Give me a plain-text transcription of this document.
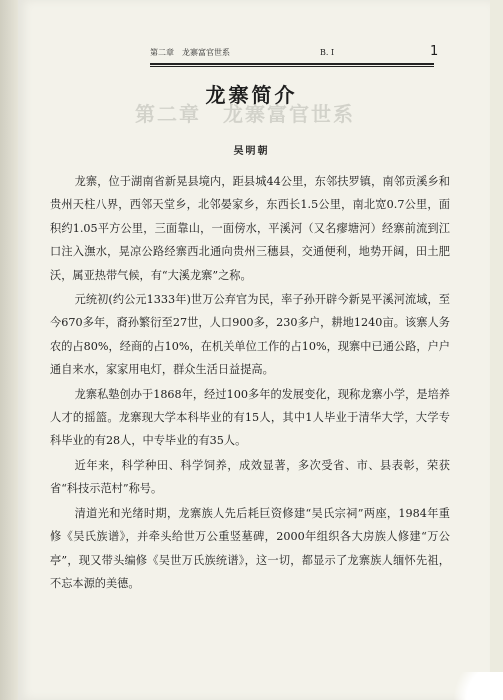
第二章　龙寨富官世系	B. I	1
第二章　龙寨富官世系
龙寨简介
吴明朝

龙寨，位于湖南省新晃县境内，距县城44公里，东邻扶罗镇，南邻贡溪乡和贵州天柱八界，西邻天堂乡，北邻晏家乡，东西长1.5公里，南北宽0.7公里，面积约1.05平方公里，三面靠山，一面傍水，平溪河（又名瘳塘河）经寨前流到江口注入潕水，晃凉公路经寨西北通向贵州三穗县，交通便利，地势开阔，田土肥沃，属亚热带气候，有“大溪龙寨”之称。

元统初(约公元1333年)世万公弃官为民，率子孙开辟今新晃平溪河流域，至今670多年，裔孙繁衍至27世，人口900多，230多户，耕地1240亩。该寨人务农的占80%，经商的占10%，在机关单位工作的占10%，现寨中已通公路，户户通自来水，家家用电灯，群众生活日益提高。

龙寨私塾创办于1868年，经过100多年的发展变化，现称龙寨小学，是培养人才的摇篮。龙寨现大学本科毕业的有15人，其中1人毕业于清华大学，大学专科毕业的有28人，中专毕业的有35人。

近年来，科学种田、科学饲养，成效显著，多次受省、市、县表彰，荣获省“科技示范村”称号。

清道光和光绪时期，龙寨族人先后耗巨资修建“吴氏宗祠”两座，1984年重修《吴氏族谱》，并牵头给世万公重竖墓碑，2000年组织各大房族人修建“万公亭”，现又带头编修《吴世万氏族统谱》，这一切，都显示了龙寨族人缅怀先祖，不忘本源的美德。
